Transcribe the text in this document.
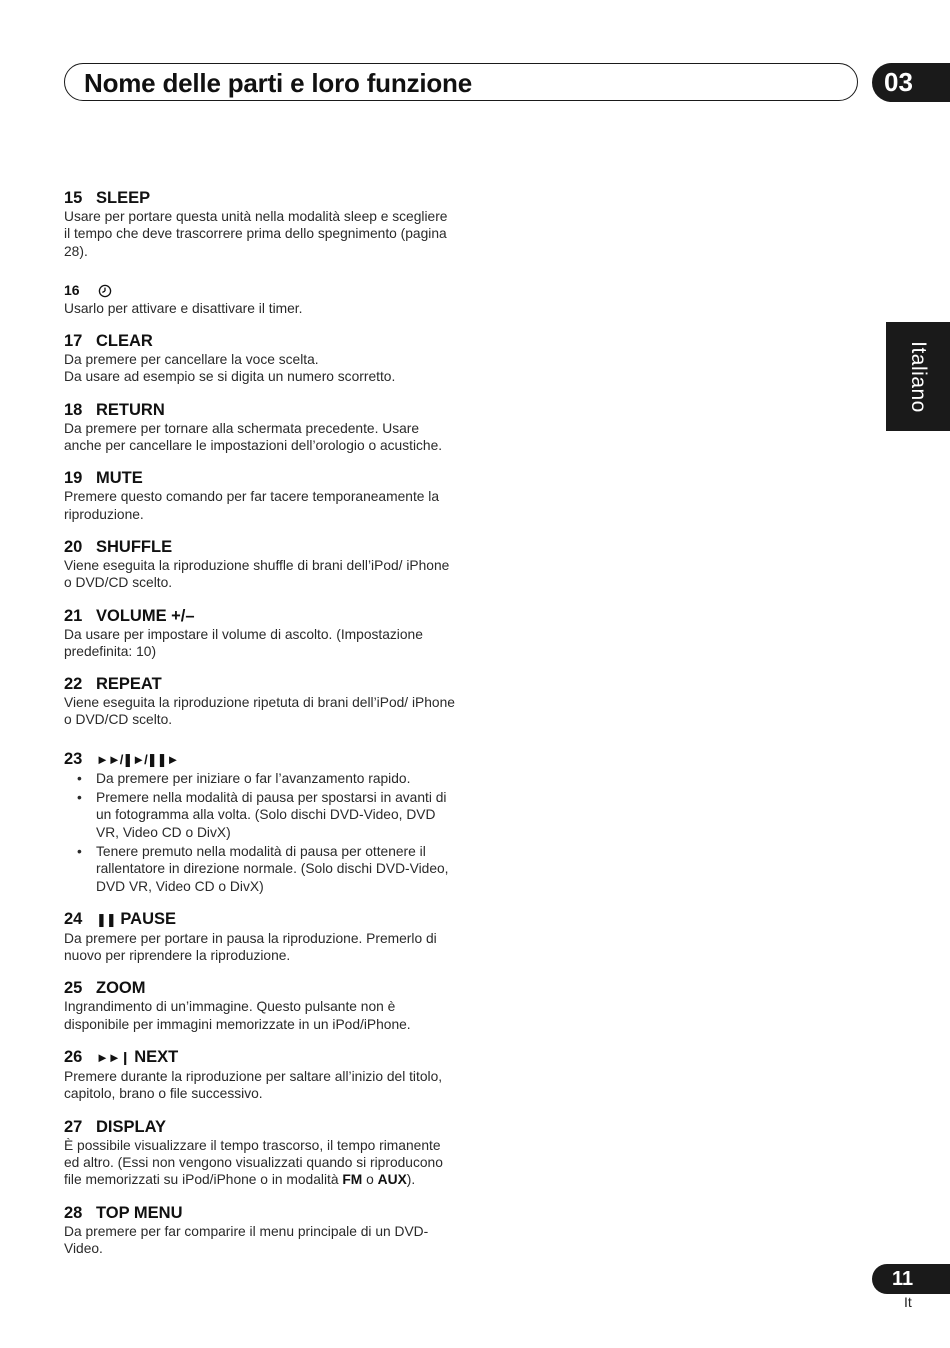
Nome delle parti e loro funzione	03
Italiano
15 SLEEP
Usare per portare questa unità nella modalità sleep e scegliere il tempo che deve trascorrere prima dello spegnimento (pagina 28).
16
Usarlo per attivare e disattivare il timer.
17 CLEAR
Da premere per cancellare la voce scelta.
Da usare ad esempio se si digita un numero scorretto.
18 RETURN
Da premere per tornare alla schermata precedente. Usare anche per cancellare le impostazioni dell’orologio o acustiche.
19 MUTE
Premere questo comando per far tacere temporaneamente la riproduzione.
20 SHUFFLE
Viene eseguita la riproduzione shuffle di brani dell’iPod/ iPhone o DVD/CD scelto.
21 VOLUME +/–
Da usare per impostare il volume di ascolto. (Impostazione predefinita: 10)
22 REPEAT
Viene eseguita la riproduzione ripetuta di brani dell’iPod/ iPhone o DVD/CD scelto.
23 ►►/❚►/❚❚►
• Da premere per iniziare o far l’avanzamento rapido.
• Premere nella modalità di pausa per spostarsi in avanti di un fotogramma alla volta. (Solo dischi DVD-Video, DVD VR, Video CD o DivX)
• Tenere premuto nella modalità di pausa per ottenere il rallentatore in direzione normale. (Solo dischi DVD-Video, DVD VR, Video CD o DivX)
24 ❚❚ PAUSE
Da premere per portare in pausa la riproduzione. Premerlo di nuovo per riprendere la riproduzione.
25 ZOOM
Ingrandimento di un’immagine. Questo pulsante non è disponibile per immagini memorizzate in un iPod/iPhone.
26 ►►❙ NEXT
Premere durante la riproduzione per saltare all’inizio del titolo, capitolo, brano o file successivo.
27 DISPLAY
È possibile visualizzare il tempo trascorso, il tempo rimanente ed altro. (Essi non vengono visualizzati quando si riproducono file memorizzati su iPod/iPhone o in modalità FM o AUX).
28 TOP MENU
Da premere per far comparire il menu principale di un DVD-Video.
11
It
